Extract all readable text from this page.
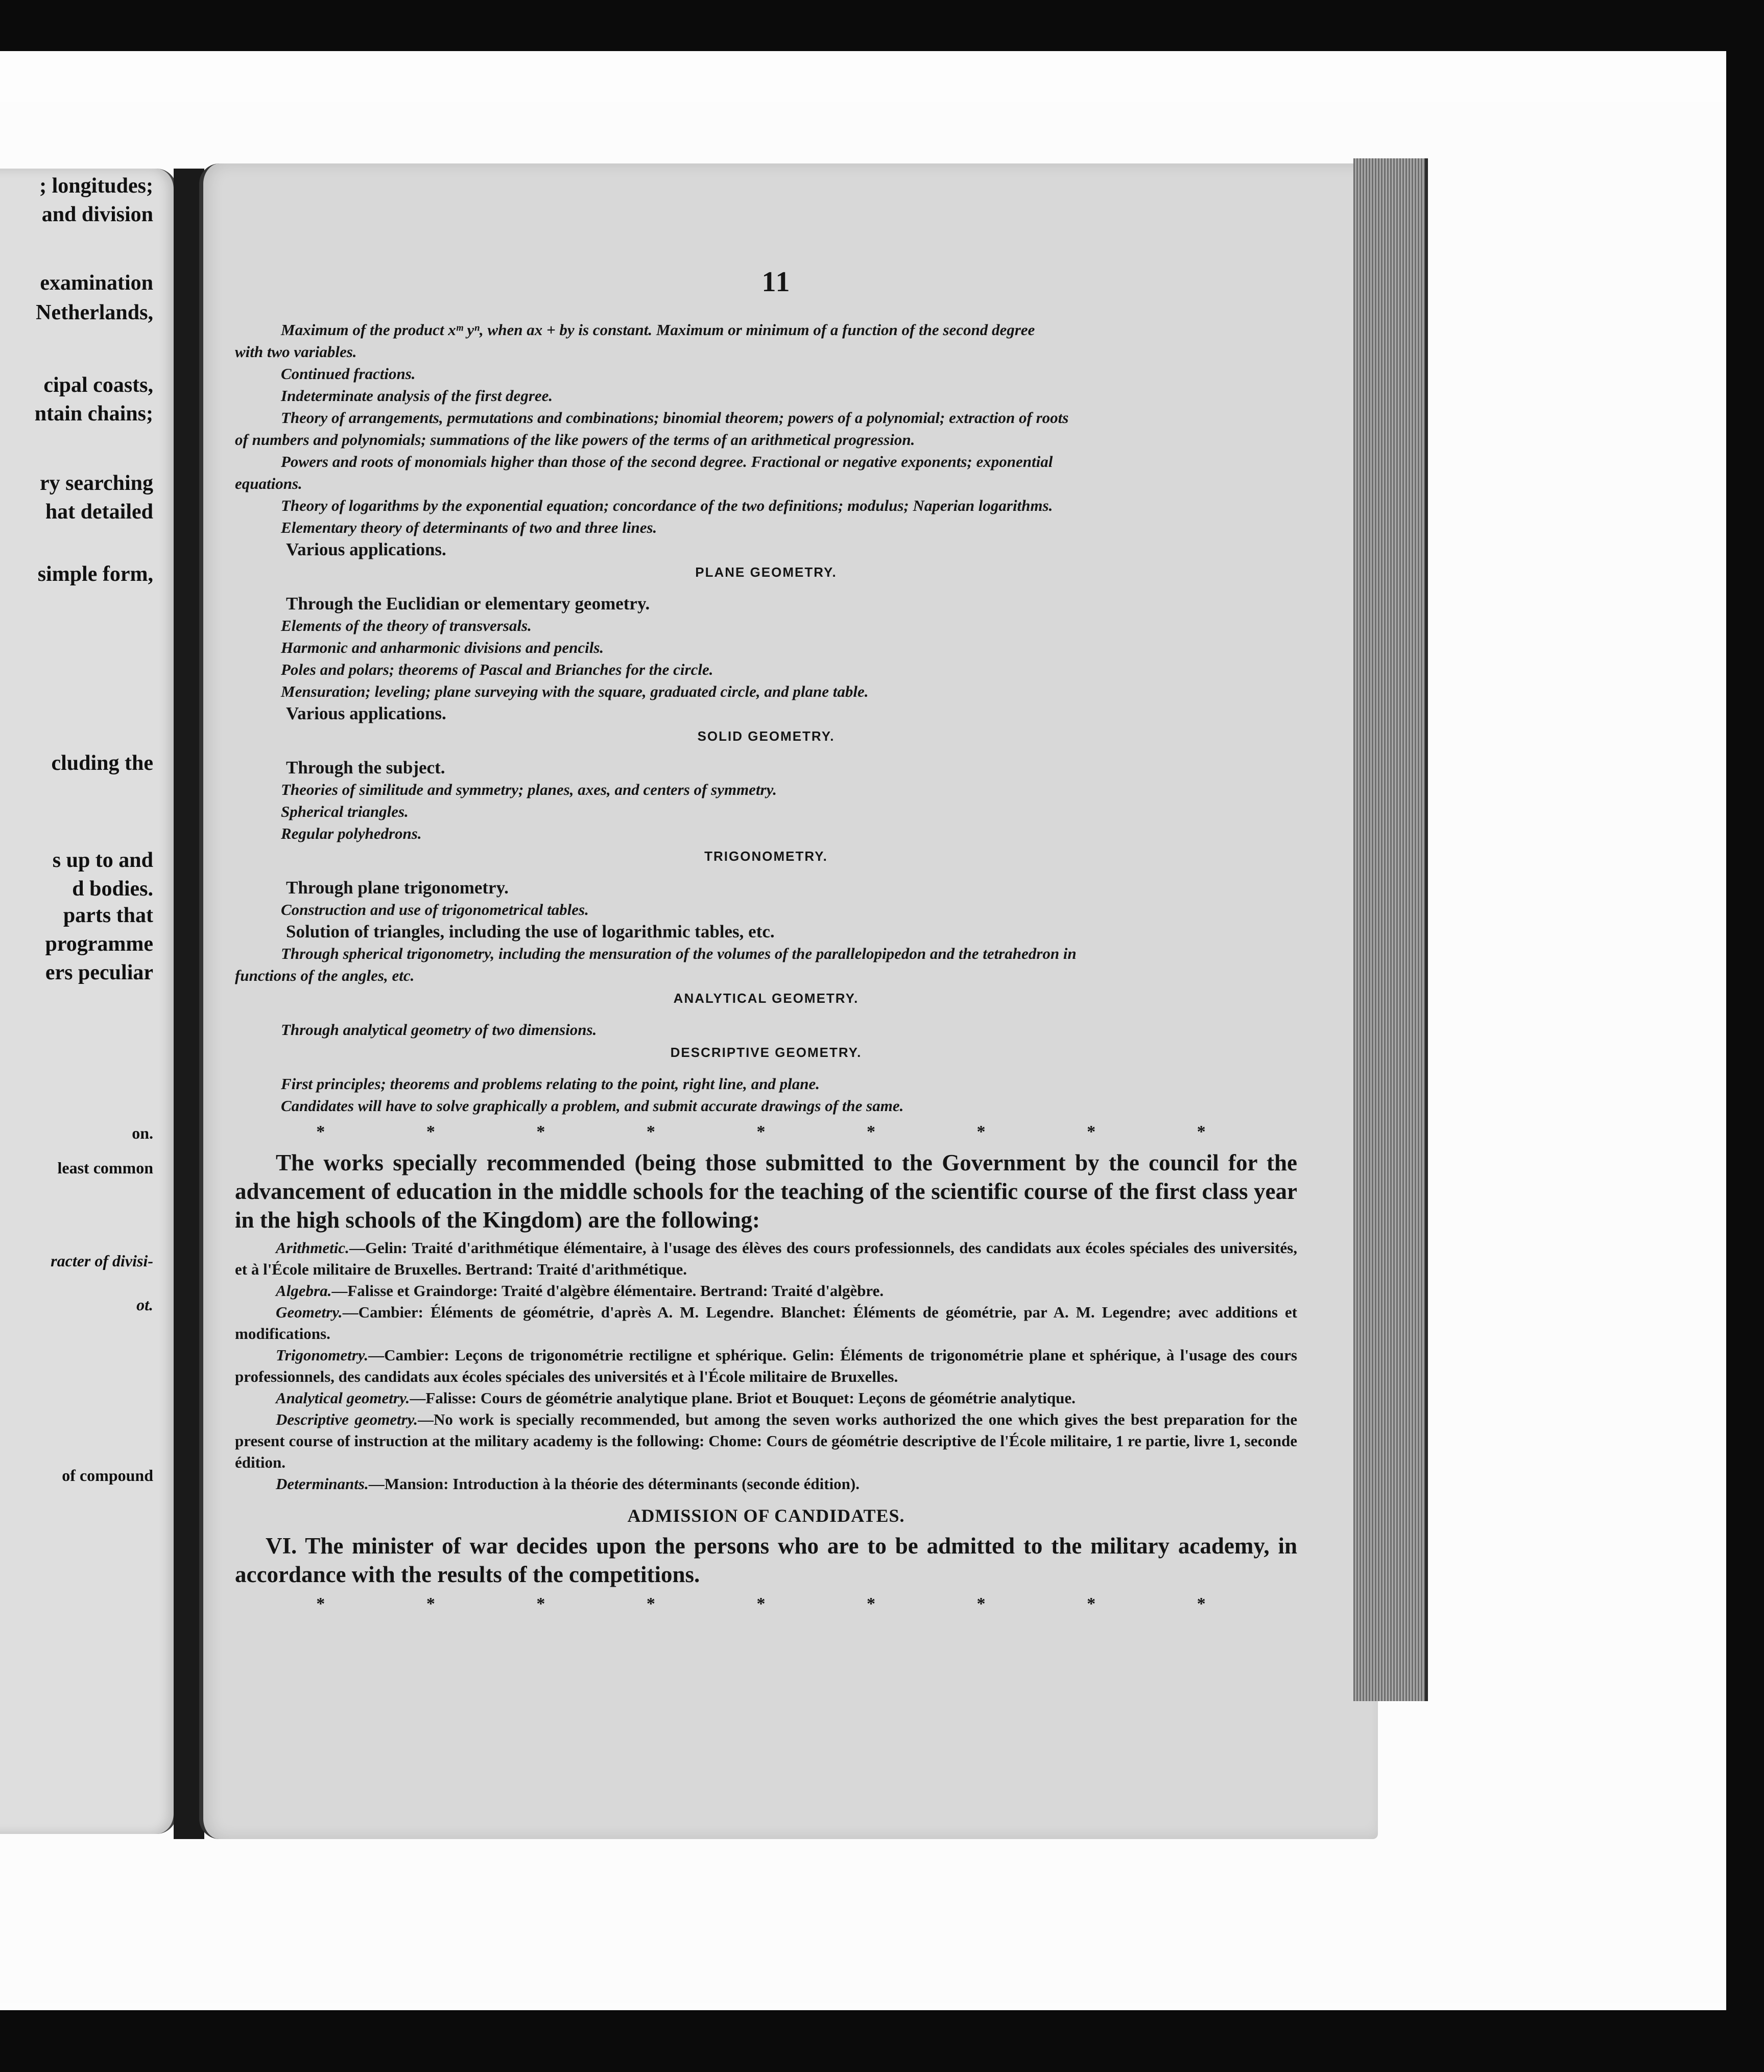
; longitudes;
and division
examination
Netherlands,
cipal coasts,
ntain chains;
ry searching
hat detailed
simple form,
cluding the
s up to and
d bodies.
parts that
programme
ers peculiar
on.
least common
racter of divisi-
ot.
of compound
11

Maximum of the product xᵐ yⁿ, when ax + by is constant. Maximum or minimum of a function of the second degree

with two variables.

Continued fractions.

Indeterminate analysis of the first degree.

Theory of arrangements, permutations and combinations; binomial theorem; powers of a polynomial; extraction of roots

of numbers and polynomials; summations of the like powers of the terms of an arithmetical progression.

Powers and roots of monomials higher than those of the second degree. Fractional or negative exponents; exponential

equations.

Theory of logarithms by the exponential equation; concordance of the two definitions; modulus; Naperian logarithms.

Elementary theory of determinants of two and three lines.

Various applications.

PLANE GEOMETRY.

Through the Euclidian or elementary geometry.

Elements of the theory of transversals.

Harmonic and anharmonic divisions and pencils.

Poles and polars; theorems of Pascal and Brianches for the circle.

Mensuration; leveling; plane surveying with the square, graduated circle, and plane table.

Various applications.

SOLID GEOMETRY.

Through the subject.

Theories of similitude and symmetry; planes, axes, and centers of symmetry.

Spherical triangles.

Regular polyhedrons.

TRIGONOMETRY.

Through plane trigonometry.

Construction and use of trigonometrical tables.

Solution of triangles, including the use of logarithmic tables, etc.

Through spherical trigonometry, including the mensuration of the volumes of the parallelopipedon and the tetrahedron in

functions of the angles, etc.

ANALYTICAL GEOMETRY.

Through analytical geometry of two dimensions.

DESCRIPTIVE GEOMETRY.

First principles; theorems and problems relating to the point, right line, and plane.

Candidates will have to solve graphically a problem, and submit accurate drawings of the same.

*	*	*	*	*	*	*	*	*

The works specially recommended (being those submitted to the Government by the council for the advancement of education in the middle schools for the teaching of the scientific course of the first class year in the high schools of the Kingdom) are the following:

Arithmetic.—Gelin: Traité d'arithmétique élémentaire, à l'usage des élèves des cours professionnels, des candidats aux écoles spéciales des universités, et à l'École militaire de Bruxelles. Bertrand: Traité d'arithmétique.

Algebra.—Falisse et Graindorge: Traité d'algèbre élémentaire. Bertrand: Traité d'algèbre.

Geometry.—Cambier: Éléments de géométrie, d'après A. M. Legendre. Blanchet: Éléments de géométrie, par A. M. Legendre; avec additions et modifications.

Trigonometry.—Cambier: Leçons de trigonométrie rectiligne et sphérique. Gelin: Éléments de trigonométrie plane et sphérique, à l'usage des cours professionnels, des candidats aux écoles spéciales des universités et à l'École militaire de Bruxelles.

Analytical geometry.—Falisse: Cours de géométrie analytique plane. Briot et Bouquet: Leçons de géométrie analytique.

Descriptive geometry.—No work is specially recommended, but among the seven works authorized the one which gives the best preparation for the present course of instruction at the military academy is the following: Chome: Cours de géométrie descriptive de l'École militaire, 1 re partie, livre 1, seconde édition.

Determinants.—Mansion: Introduction à la théorie des déterminants (seconde édition).

ADMISSION OF CANDIDATES.

VI. The minister of war decides upon the persons who are to be admitted to the military academy, in accordance with the results of the competitions.

*	*	*	*	*	*	*	*	*
